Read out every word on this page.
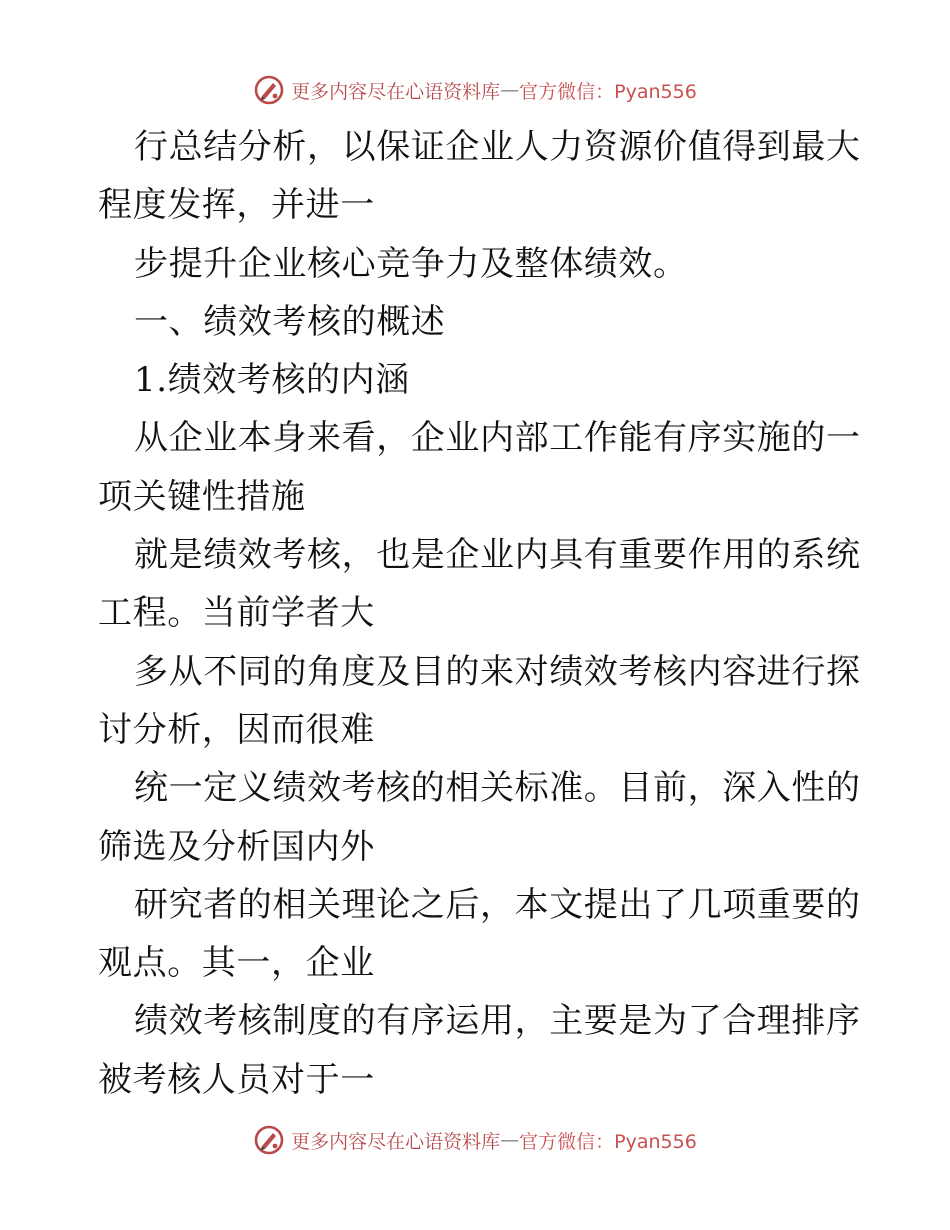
更多内容尽在心语资料库 — 官方微信：Pyan556
行总结分析，以保证企业人力资源价值得到最大
程度发挥，并进一
步提升企业核心竞争力及整体绩效。
一、绩效考核的概述
1.绩效考核的内涵
从企业本身来看，企业内部工作能有序实施的一
项关键性措施
就是绩效考核，也是企业内具有重要作用的系统
工程。当前学者大
多从不同的角度及目的来对绩效考核内容进行探
讨分析，因而很难
统一定义绩效考核的相关标准。目前，深入性的
筛选及分析国内外
研究者的相关理论之后，本文提出了几项重要的
观点。其一，企业
绩效考核制度的有序运用，主要是为了合理排序
被考核人员对于一
更多内容尽在心语资料库 — 官方微信：Pyan556
